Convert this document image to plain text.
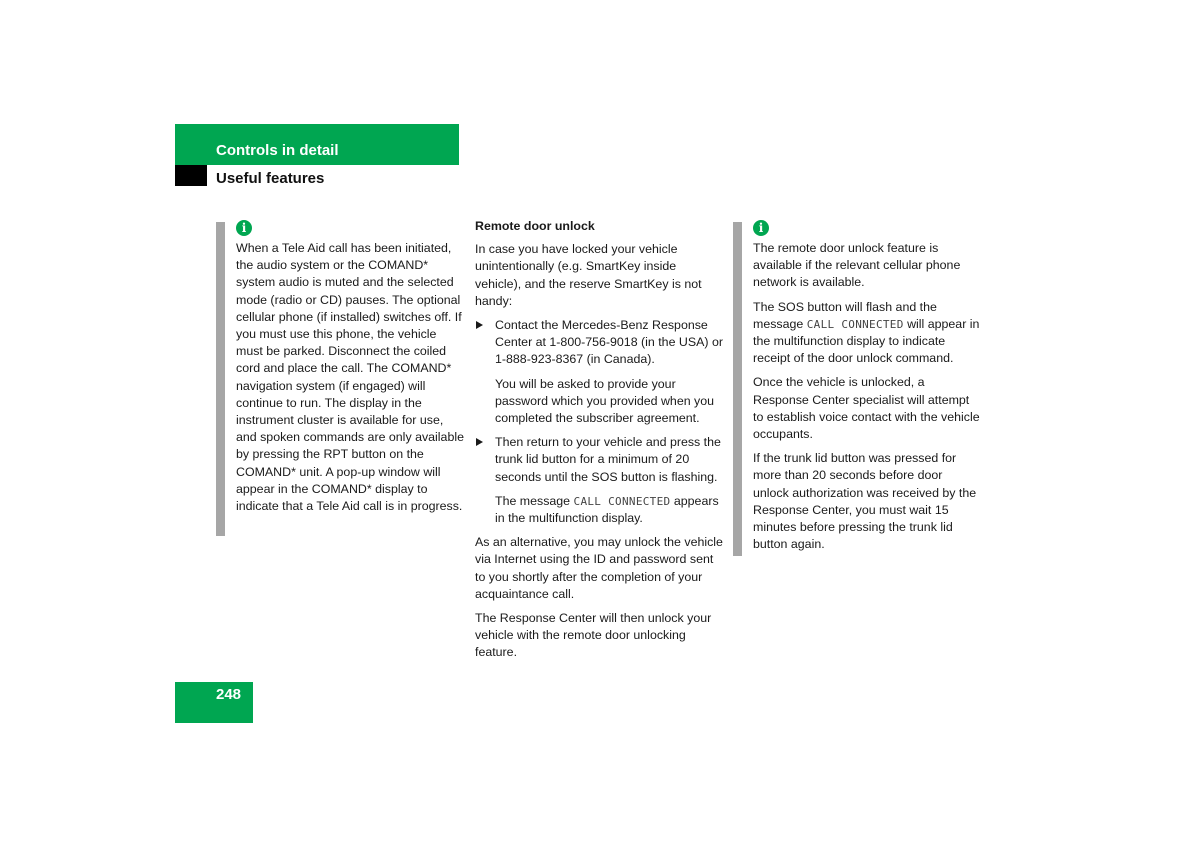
Controls in detail
Useful features
i

When a Tele Aid call has been initiated, the audio system or the COMAND* system audio is muted and the selected mode (radio or CD) pauses. The optional cellular phone (if installed) switches off. If you must use this phone, the vehicle must be parked. Disconnect the coiled cord and place the call. The COMAND* navigation system (if engaged) will continue to run. The display in the instrument cluster is available for use, and spoken commands are only available by pressing the RPT button on the COMAND* unit. A pop-up window will appear in the COMAND* display to indicate that a Tele Aid call is in progress.

Remote door unlock

In case you have locked your vehicle unintentionally (e.g. SmartKey inside vehicle), and the reserve SmartKey is not handy:

Contact the Mercedes-Benz Response Center at 1-800-756-9018 (in the USA) or 1-888-923-8367 (in Canada).

You will be asked to provide your password which you provided when you completed the subscriber agreement.

Then return to your vehicle and press the trunk lid button for a minimum of 20 seconds until the SOS button is flashing.

The message CALL CONNECTED appears in the multifunction display.

As an alternative, you may unlock the vehicle via Internet using the ID and password sent to you shortly after the completion of your acquaintance call.

The Response Center will then unlock your vehicle with the remote door unlocking feature.

i

The remote door unlock feature is available if the relevant cellular phone network is available.

The SOS button will flash and the message CALL CONNECTED will appear in the multifunction display to indicate receipt of the door unlock command.

Once the vehicle is unlocked, a Response Center specialist will attempt to establish voice contact with the vehicle occupants.

If the trunk lid button was pressed for more than 20 seconds before door unlock authorization was received by the Response Center, you must wait 15 minutes before pressing the trunk lid button again.

248
